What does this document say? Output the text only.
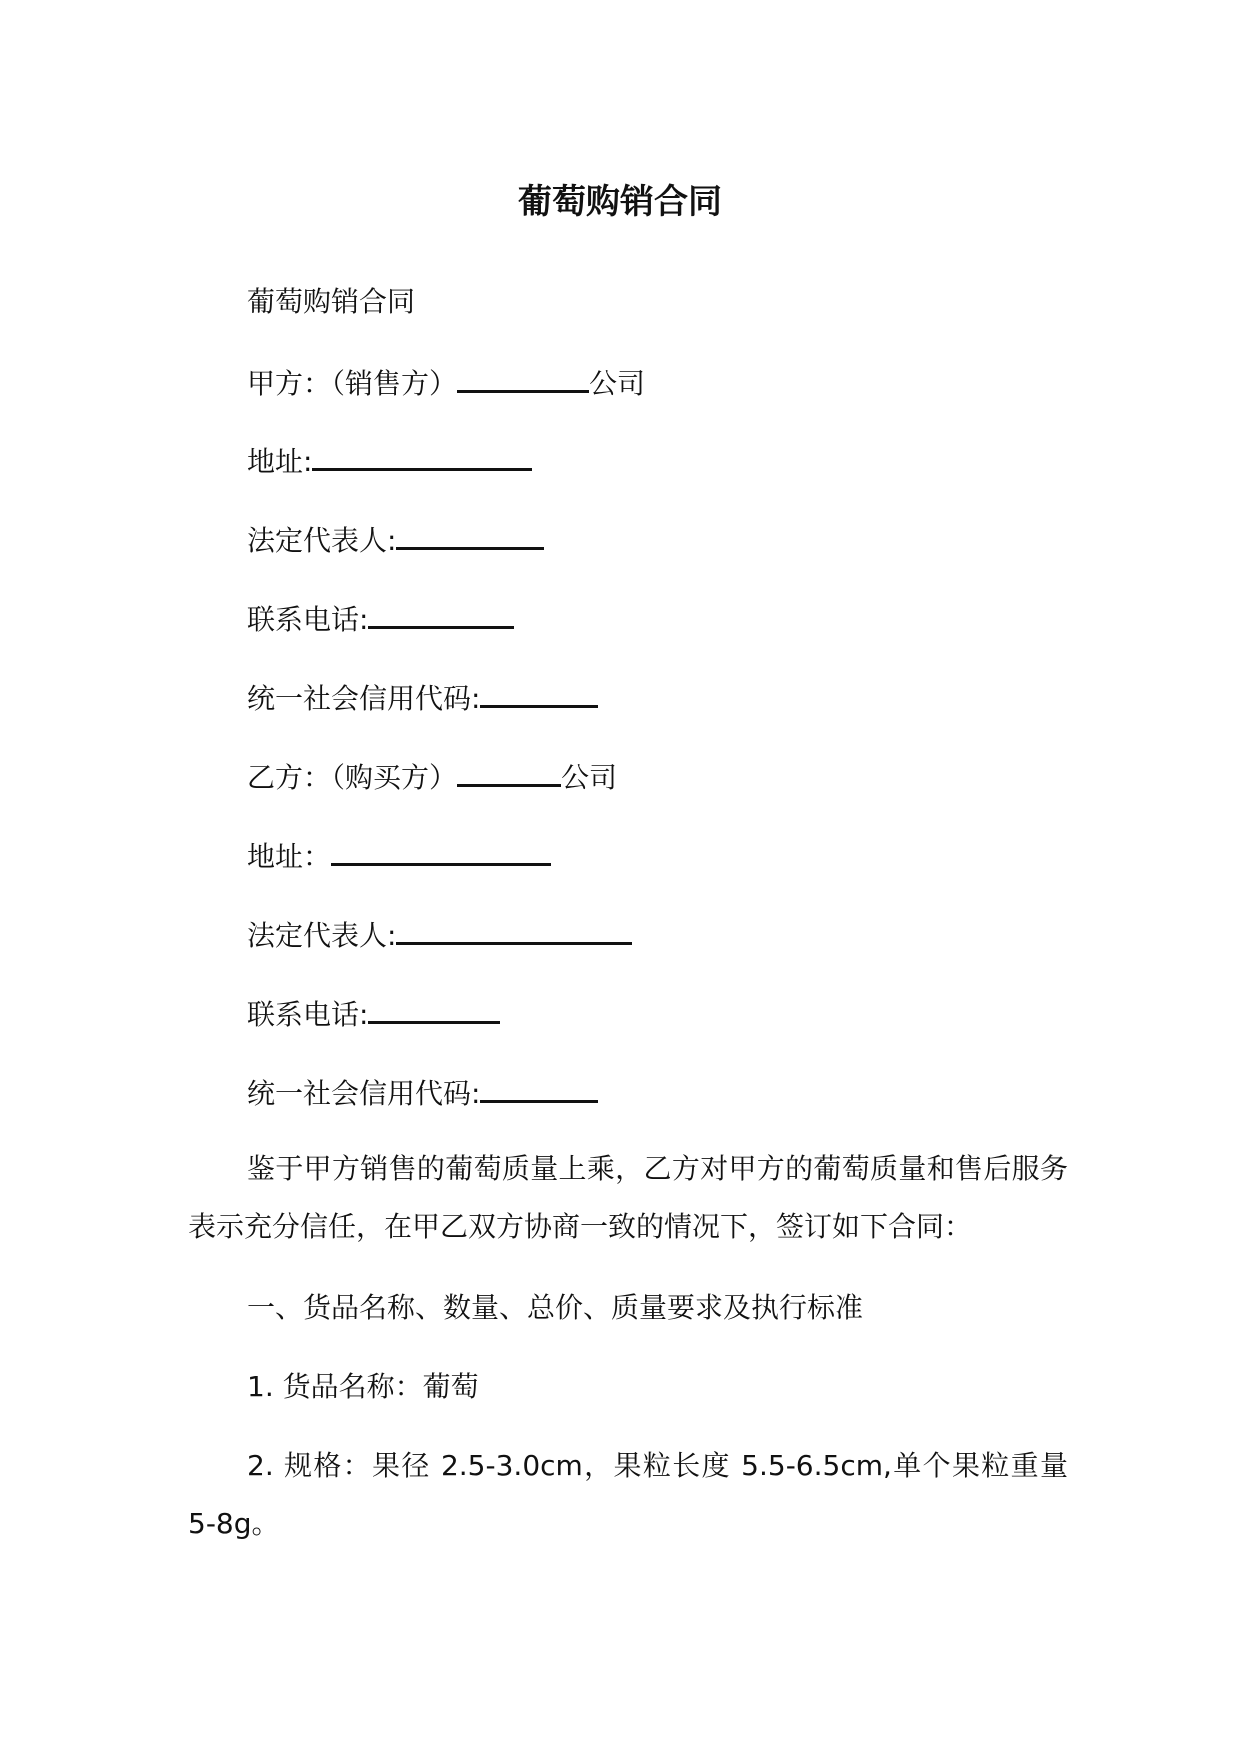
葡萄购销合同
葡萄购销合同
甲方：（销售方）	公司
地址:
法定代表人:
联系电话:
统一社会信用代码:
乙方：（购买方）	公司
地址：
法定代表人:
联系电话:
统一社会信用代码:
鉴于甲方销售的葡萄质量上乘，乙方对甲方的葡萄质量和售后服务表示充分信任，在甲乙双方协商一致的情况下，签订如下合同：
一、货品名称、数量、总价、质量要求及执行标准
1. 货品名称：葡萄
2. 规格：果径 2.5-3.0cm，果粒长度 5.5-6.5cm,单个果粒重量 5-8g。
